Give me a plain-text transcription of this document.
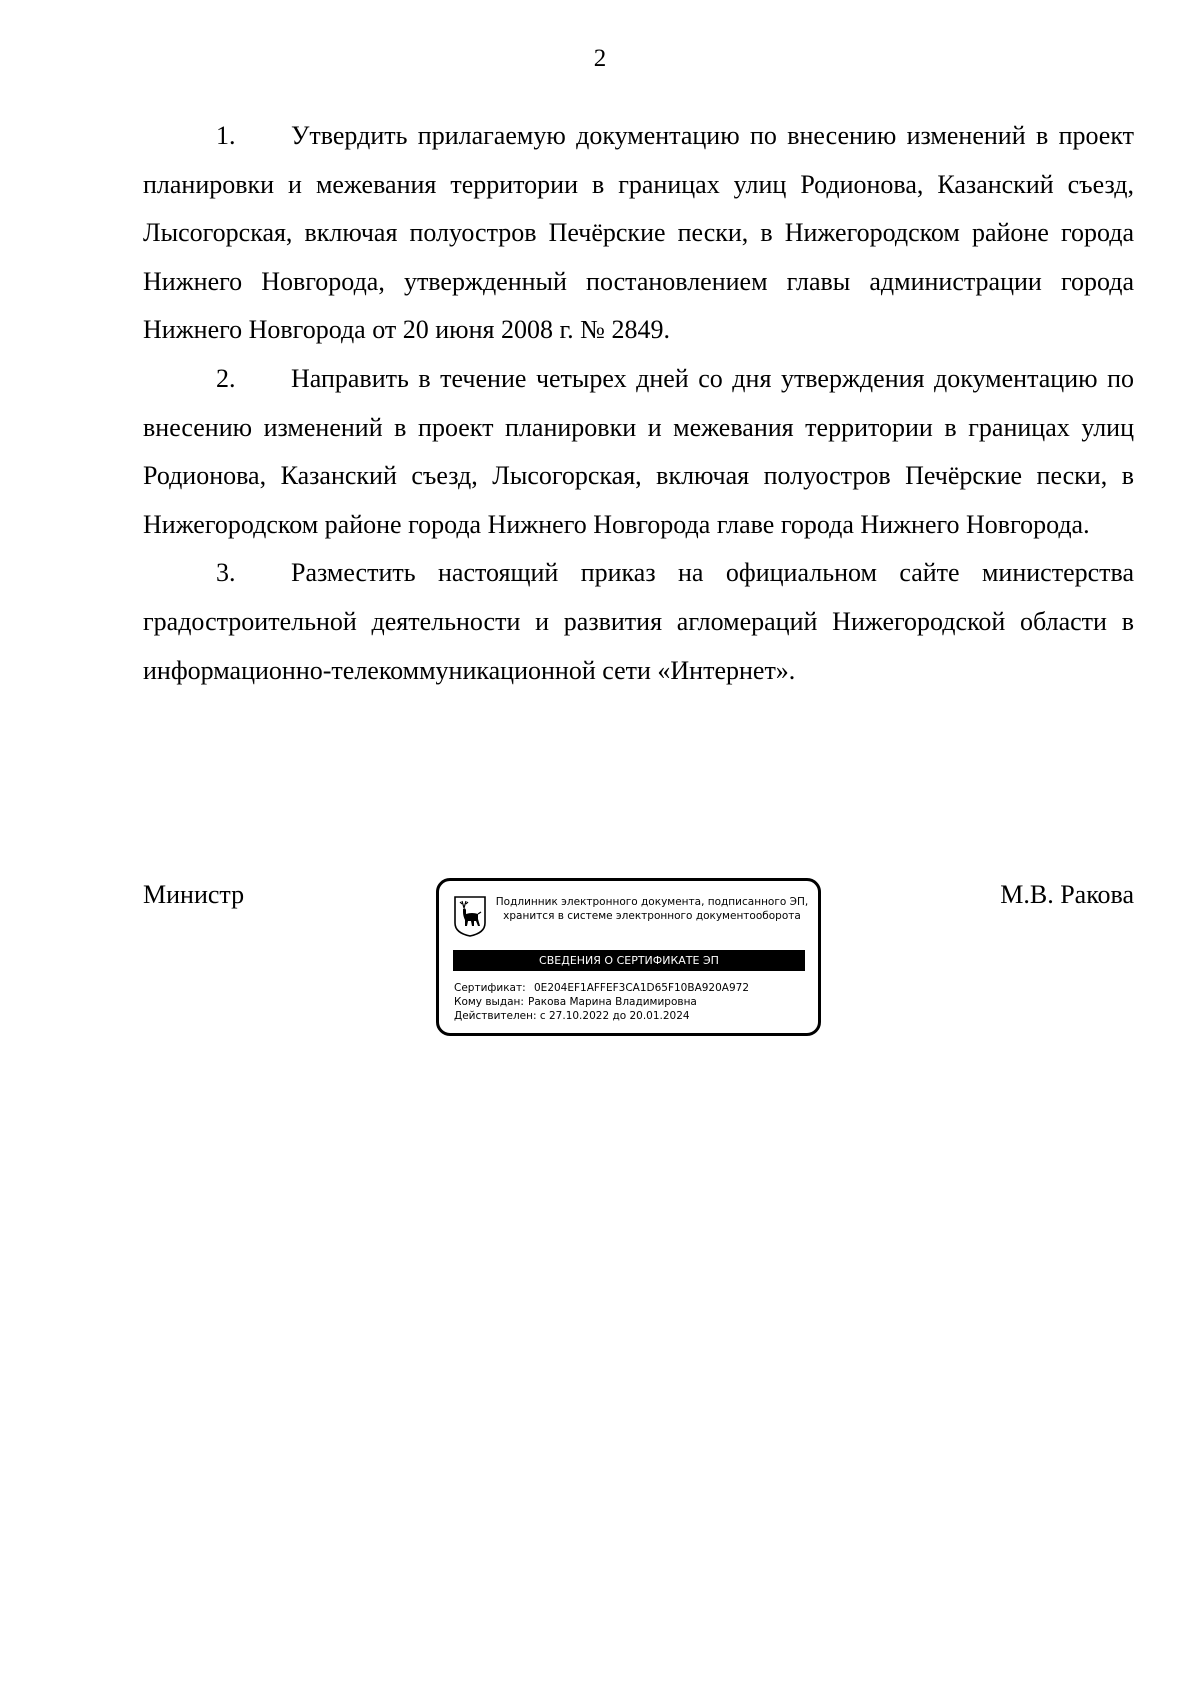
2

1. Утвердить прилагаемую документацию по внесению изменений в проект планировки и межевания территории в границах улиц Родионова, Казанский съезд, Лысогорская, включая полуостров Печёрские пески, в Нижегородском районе города Нижнего Новгорода, утвержденный постановлением главы администрации города Нижнего Новгорода от 20 июня 2008 г. № 2849.

2. Направить в течение четырех дней со дня утверждения документацию по внесению изменений в проект планировки и межевания территории в границах улиц Родионова, Казанский съезд, Лысогорская, включая полуостров Печёрские пески, в Нижегородском районе города Нижнего Новгорода главе города Нижнего Новгорода.

3. Разместить настоящий приказ на официальном сайте министерства градостроительной деятельности и развития агломераций Нижегородской области в информационно-телекоммуникационной сети «Интернет».

Министр	М.В. Ракова
Подлинник электронного документа, подписанного ЭП,
хранится в системе электронного документооборота
СВЕДЕНИЯ О СЕРТИФИКАТЕ ЭП
Сертификат: 0E204EF1AFFEF3CA1D65F10BA920A972
Кому выдан: Ракова Марина Владимировна
Действителен: с 27.10.2022 до 20.01.2024
